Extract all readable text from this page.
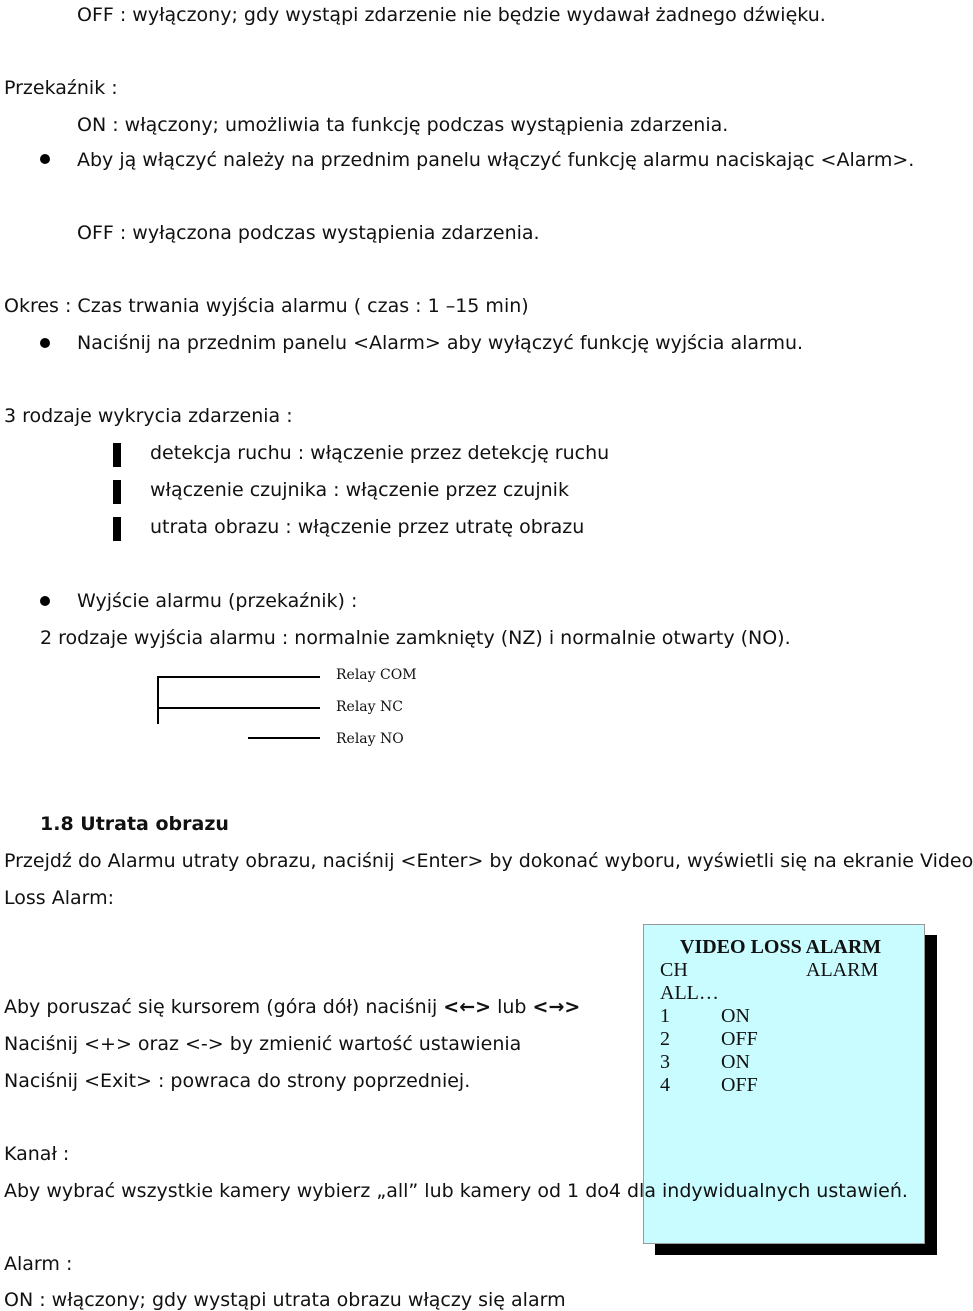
OFF : wyłączony; gdy wystąpi zdarzenie nie będzie wydawał żadnego dźwięku.
Przekaźnik :
ON : włączony; umożliwia ta funkcję podczas wystąpienia zdarzenia.
Aby ją włączyć należy na przednim panelu włączyć funkcję alarmu naciskając <Alarm>.
OFF : wyłączona podczas wystąpienia zdarzenia.
Okres : Czas trwania wyjścia alarmu ( czas : 1 –15 min)
Naciśnij na przednim panelu <Alarm> aby wyłączyć funkcję wyjścia alarmu.
3 rodzaje wykrycia zdarzenia :
detekcja ruchu : włączenie przez detekcję ruchu
włączenie czujnika : włączenie przez czujnik
utrata obrazu : włączenie przez utratę obrazu
Wyjście alarmu (przekaźnik) :
2 rodzaje wyjścia alarmu : normalnie zamknięty (NZ) i normalnie otwarty (NO).
Relay COM
Relay NC
Relay NO
1.8 Utrata obrazu
Przejdź do Alarmu utraty obrazu, naciśnij <Enter> by dokonać wyboru, wyświetli się na ekranie Video
Loss Alarm:
VIDEO LOSS ALARM
CH	ALARM
ALL…
1	ON
2	OFF
3	ON
4	OFF
Aby poruszać się kursorem (góra dół) naciśnij <←> lub <→>
Naciśnij <+> oraz <-> by zmienić wartość ustawienia
Naciśnij <Exit> : powraca do strony poprzedniej.
Kanał :
Aby wybrać wszystkie kamery wybierz „all” lub kamery od 1 do4 dla indywidualnych ustawień.
Alarm :
ON : włączony; gdy wystąpi utrata obrazu włączy się alarm
